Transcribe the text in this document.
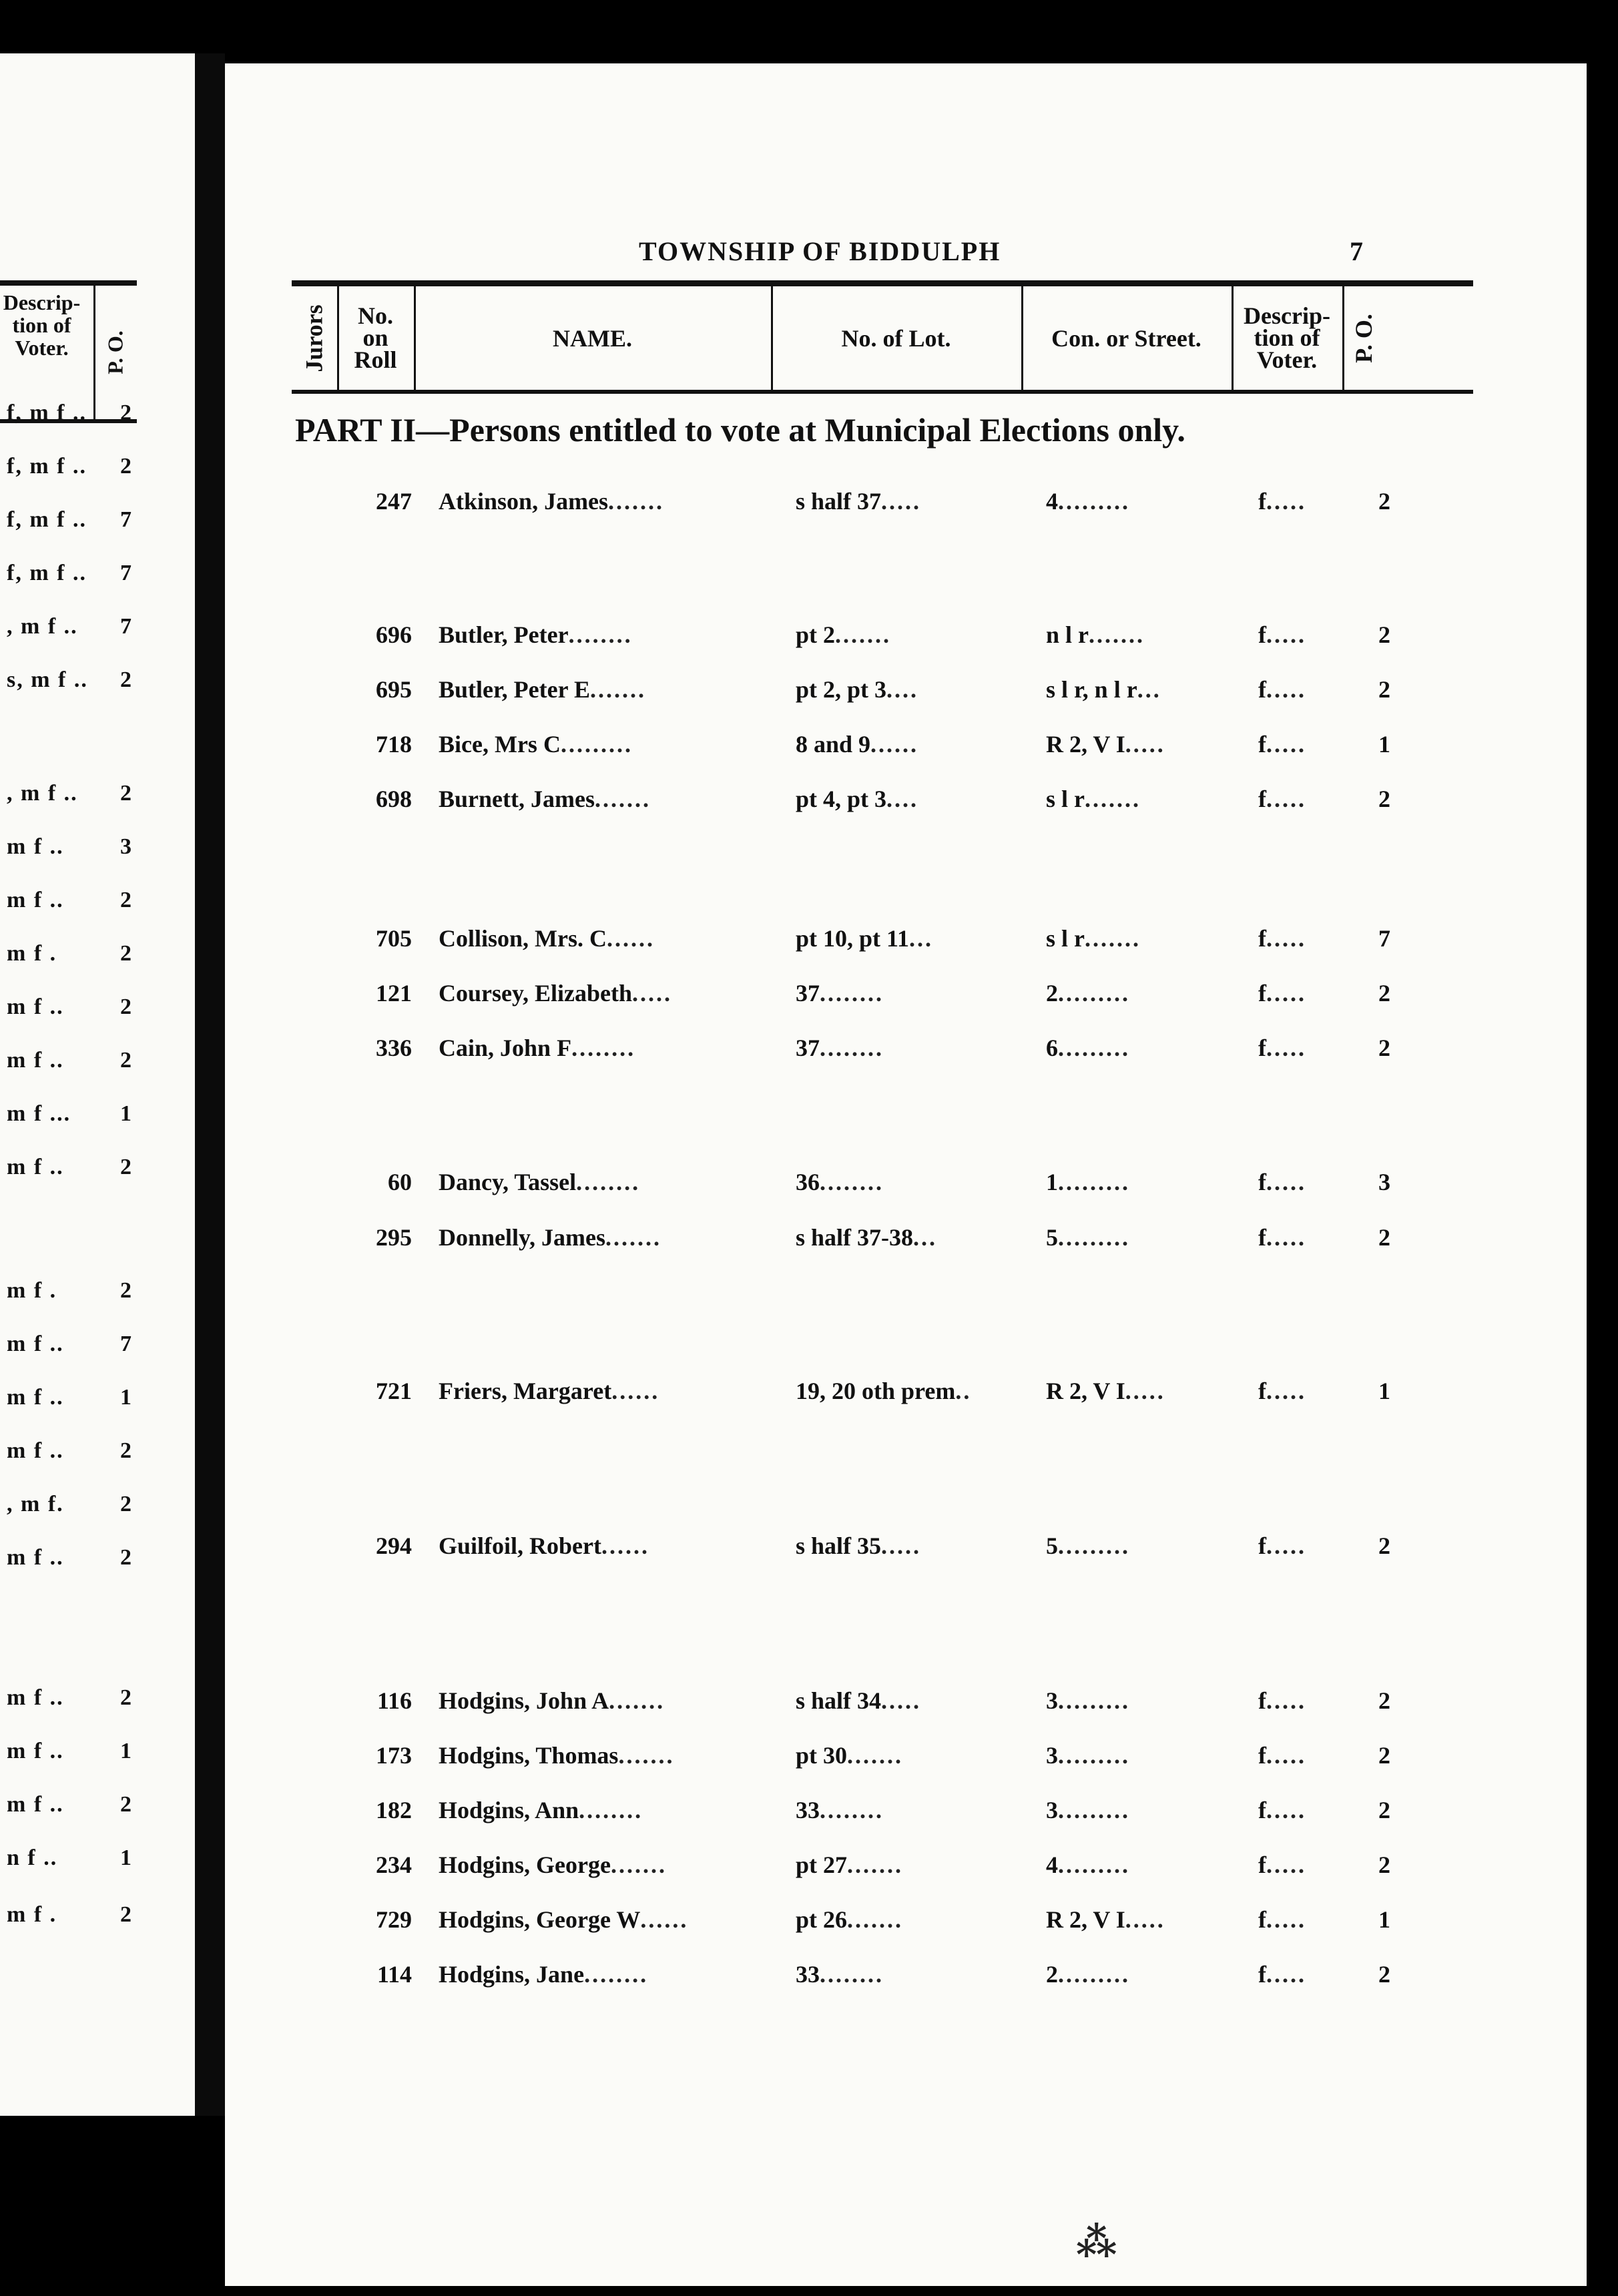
Descrip-
tion of
Voter.	P. O.
f, m f .. 2
f, m f .. 2
f, m f .. 7
f, m f .. 7
, m f .. 7
s, m f .. 2
, m f .. 2
m f .. 3
m f .. 2
m f .	2
m f .. 2
m f .. 2
m f ... 1
m f .. 2
m f .	2
m f .. 7
m f .. 1
m f .. 2
, m f. 2
m f .. 2
m f .. 2
m f .. 1
m f .. 2
n f ..	1
m f .	2
TOWNSHIP OF BIDDULPH	7
Jurors	No.
on
Roll
NAME.	No. of Lot.	Con. or Street.
Descrip-
tion of
Voter.	P. O.
PART II—Persons entitled to vote at Municipal Elections only.
247 Atkinson, James.......	s half 37.....	4.........	f.....	2
696 Butler, Peter........	pt 2.......	n l r.......	f.....	2
695 Butler, Peter E.......	pt 2, pt 3....	s l r, n l r...	f.....	2
718 Bice, Mrs C.........	8 and 9......	R 2, V I.....	f.....	1
698 Burnett, James.......	pt 4, pt 3....	s l r.......	f.....	2
705 Collison, Mrs. C......	pt 10, pt 11...	s l r.......	f.....	7
121 Coursey, Elizabeth.....	37........	2.........	f.....	2
336 Cain, John F........	37........	6.........	f.....	2
60 Dancy, Tassel........	36........	1.........	f.....	3
295 Donnelly, James.......	s half 37-38...	5.........	f.....	2
721 Friers, Margaret......	19, 20 oth prem..	R 2, V I.....	f.....	1
294 Guilfoil, Robert......	s half 35.....	5.........	f.....	2
116 Hodgins, John A.......	s half 34.....	3.........	f.....	2
173 Hodgins, Thomas.......	pt 30.......	3.........	f.....	2
182 Hodgins, Ann........	33........	3.........	f.....	2
234 Hodgins, George.......	pt 27.......	4.........	f.....	2
729 Hodgins, George W......	pt 26.......	R 2, V I.....	f.....	1
114 Hodgins, Jane........	33........	2.........	f.....	2
⁂
